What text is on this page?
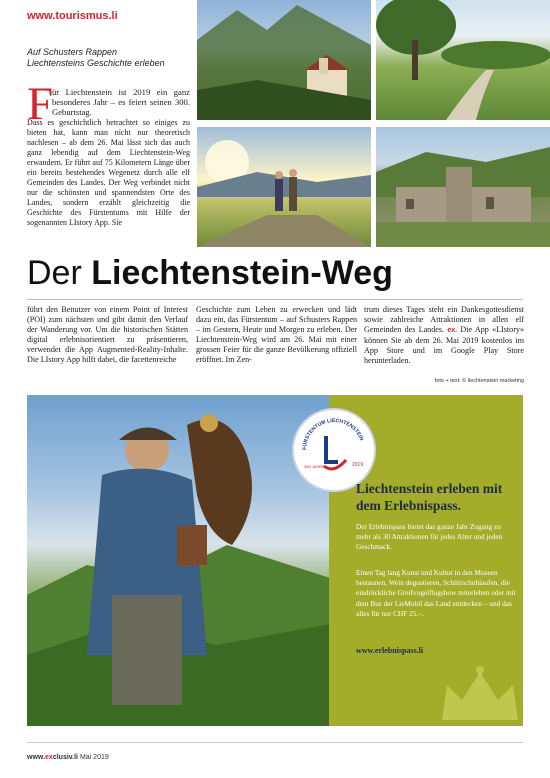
www.tourismus.li
Auf Schusters Rappen
Liechtensteins Geschichte erleben
F
ür Liechtenstein ist 2019 ein ganz besonderes Jahr – es feiert seinen 300. Geburtstag.
Dass es geschichtlich betrachtet so einiges zu bieten hat, kann man nicht nur theoretisch nachlesen – ab dem 26. Mai lässt sich das auch ganz lebendig auf dem Liechtenstein-Weg erwandern. Er führt auf 75 Kilometern Länge über ein bereits bestehendes Wegenetz durch alle elf Gemeinden des Landes. Der Weg verbindet nicht nur die schönsten und spannendsten Orte des Landes, sondern erzählt gleichzeitig die Geschichte des Fürstentums mit Hilfe der sogenannten LIstory App. Sie
Der Liechtenstein-Weg
führt den Benutzer von einem Point of Interest (POI) zum nächsten und gibt damit den Verlauf der Wanderung vor. Um die historischen Stätten digital erlebnisorientiert zu präsentieren, verwendet die App Augmented-Reality-Inhalte. Die LIstory App hilft dabei, die facettenreiche
Geschichte zum Leben zu erwecken und lädt dazu ein, das Fürstentum – auf Schusters Rappen – im Gestern, Heute und Morgen zu erleben. Der Liechtenstein-Weg wird am 26. Mai mit einer grossen Feier für die ganze Bevölkerung offiziell eröffnet. Im Zen-
trum dieses Tages steht ein Dankesgottesdienst sowie zahlreiche Attraktionen in allen elf Gemeinden des Landes. ex. Die App «LIstory» können Sie ab dem 26. Mai 2019 kostenlos im App Store und im Google Play Store herunterladen.
foto + text: © liechtenstein marketing
FÜRSTENTUM LIECHTENSTEIN
2019
300 JAHRE
Liechtenstein erleben mit dem Erlebnispass.
Der Erlebnispass bietet das ganze Jahr Zugang zu mehr als 30 Attraktionen für jedes Alter und jeden Geschmack.
Einen Tag lang Kunst und Kultur in den Museen bestaunen, Wein degustieren, Schlittschuhlaufen, die eindrückliche Greifvogelflugshow miterleben oder mit dem Bus der LieMobil das Land entdecken – und das alles für nur CHF 25.–.
www.erlebnispass.li
www.exclusiv.li Mai 2019
